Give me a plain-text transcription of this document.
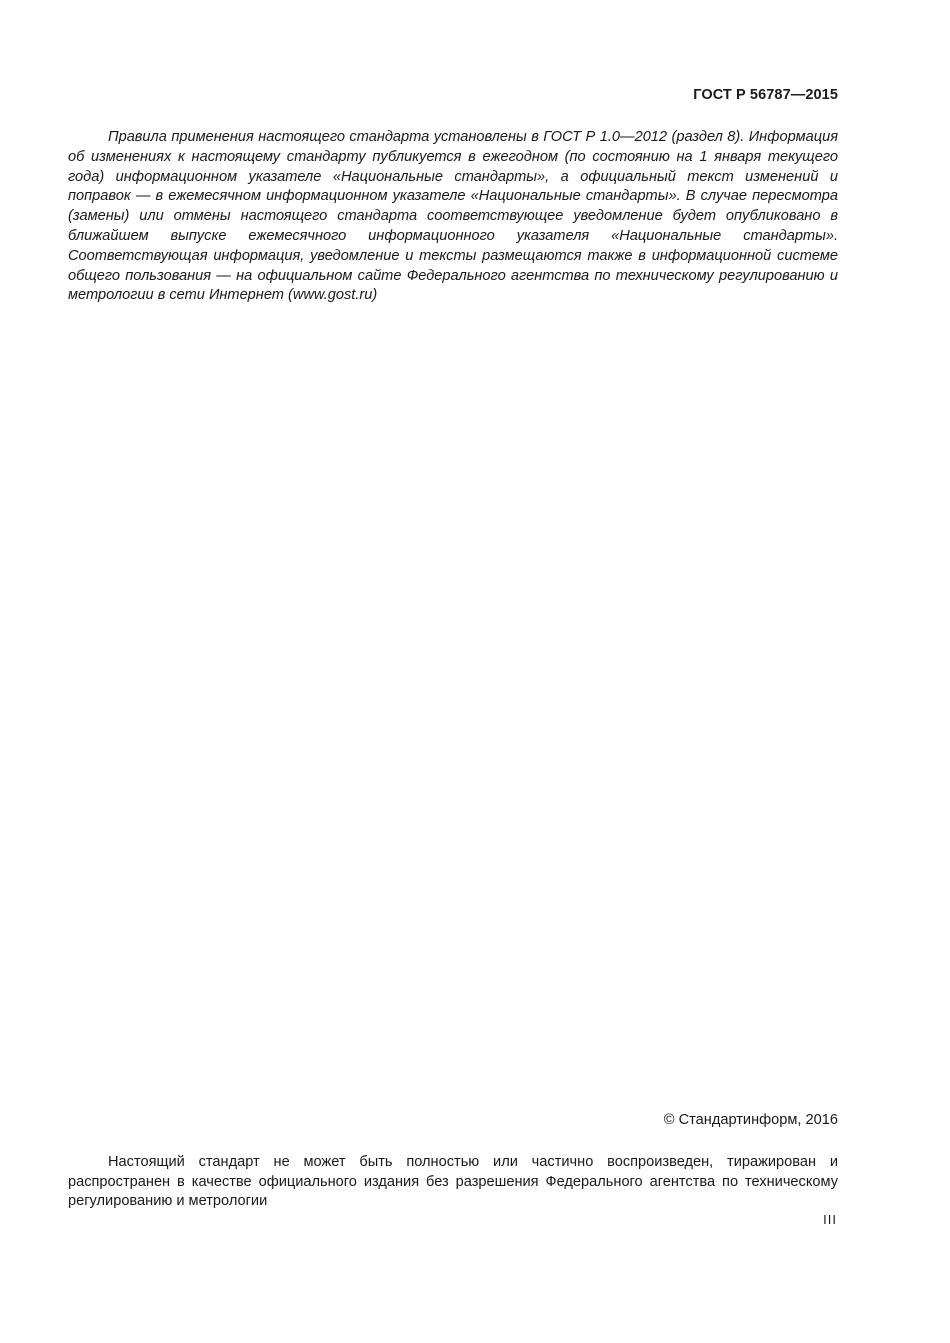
ГОСТ Р 56787—2015

Правила применения настоящего стандарта установлены в ГОСТ Р 1.0—2012 (раздел 8). Информация об изменениях к настоящему стандарту публикуется в ежегодном (по состоянию на 1 января текущего года) информационном указателе «Национальные стандарты», а официальный текст изменений и поправок — в ежемесячном информационном указателе «Национальные стандарты». В случае пересмотра (замены) или отмены настоящего стандарта соответствующее уведомление будет опубликовано в ближайшем выпуске ежемесячного информационного указателя «Национальные стандарты». Соответствующая информация, уведомление и тексты размещаются также в информационной системе общего пользования — на официальном сайте Федерального агентства по техническому регулированию и метрологии в сети Интернет (www.gost.ru)

© Стандартинформ, 2016

Настоящий стандарт не может быть полностью или частично воспроизведен, тиражирован и распространен в качестве официального издания без разрешения Федерального агентства по техническому регулированию и метрологии

III
